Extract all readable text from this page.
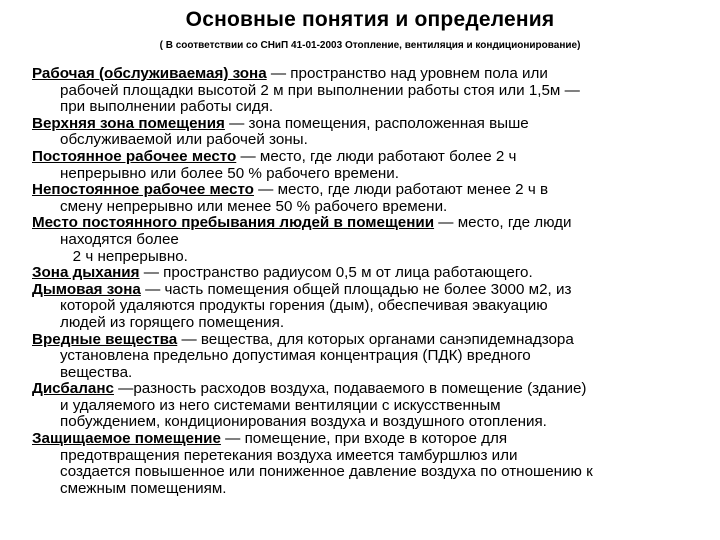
Основные понятия и определения
( В соответствии со СНиП 41-01-2003 Отопление, вентиляция и кондиционирование)

Рабочая (обслуживаемая) зона — пространство над уровнем пола или
рабочей площадки высотой 2 м при выполнении работы стоя или 1,5м —
при выполнении работы сидя.

Верхняя зона помещения — зона помещения, расположенная выше
обслуживаемой или рабочей зоны.

Постоянное рабочее место — место, где люди работают более 2 ч
непрерывно или более 50 % рабочего времени.

Непостоянное рабочее место — место, где люди работают менее 2 ч в
смену непрерывно или менее 50 % рабочего времени.

Место постоянного пребывания людей в помещении — место, где люди
находятся более
2 ч непрерывно.

Зона дыхания — пространство радиусом 0,5 м от лица работающего.

Дымовая зона — часть помещения общей площадью не более 3000 м2, из
которой удаляются продукты горения (дым), обеспечивая эвакуацию
людей из горящего помещения.

Вредные вещества — вещества, для которых органами санэпидемнадзора
установлена предельно допустимая концентрация (ПДК) вредного
вещества.

Дисбаланс —разность расходов воздуха, подаваемого в помещение (здание)
и удаляемого из него системами вентиляции с искусственным
побуждением, кондиционирования воздуха и воздушного отопления.

Защищаемое помещение — помещение, при входе в которое для
предотвращения перетекания воздуха имеется тамбуршлюз или
создается повышенное или пониженное давление воздуха по отношению к
смежным помещениям.
